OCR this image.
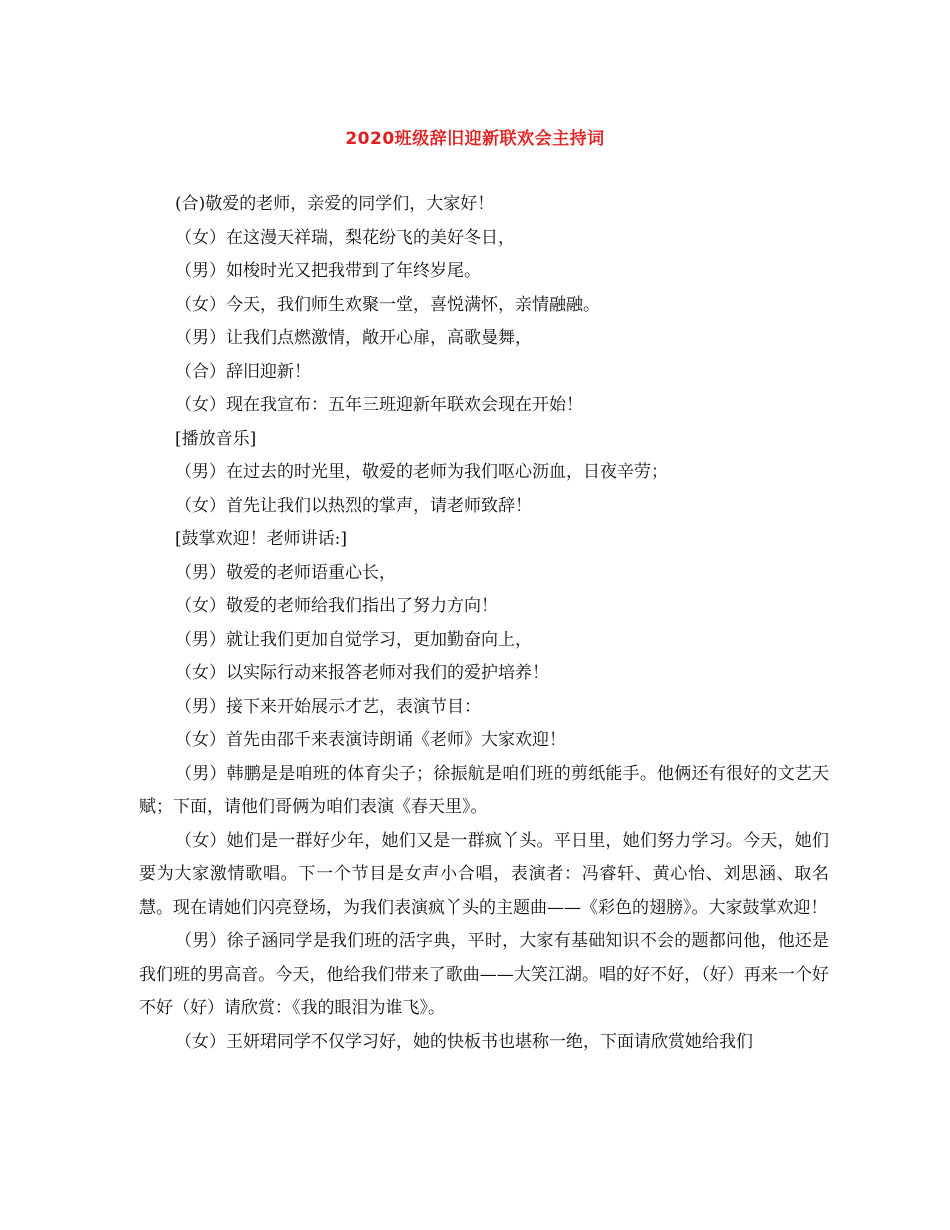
2020班级辞旧迎新联欢会主持词
(合)敬爱的老师，亲爱的同学们，大家好！
（女）在这漫天祥瑞，梨花纷飞的美好冬日，
（男）如梭时光又把我带到了年终岁尾。
（女）今天，我们师生欢聚一堂，喜悦满怀，亲情融融。
（男）让我们点燃激情，敞开心扉，高歌曼舞，
（合）辞旧迎新！
（女）现在我宣布：五年三班迎新年联欢会现在开始！
[播放音乐]
（男）在过去的时光里，敬爱的老师为我们呕心沥血，日夜辛劳；
（女）首先让我们以热烈的掌声，请老师致辞！
[鼓掌欢迎！老师讲话:]
（男）敬爱的老师语重心长，
（女）敬爱的老师给我们指出了努力方向！
（男）就让我们更加自觉学习，更加勤奋向上，
（女）以实际行动来报答老师对我们的爱护培养！
（男）接下来开始展示才艺，表演节目：
（女）首先由邵千来表演诗朗诵《老师》大家欢迎！
（男）韩鹏是是咱班的体育尖子；徐振航是咱们班的剪纸能手。他俩还有很好的文艺天赋；下面，请他们哥俩为咱们表演《春天里》。
（女）她们是一群好少年，她们又是一群疯丫头。平日里，她们努力学习。今天，她们要为大家激情歌唱。下一个节目是女声小合唱，表演者：冯睿轩、黄心怡、刘思涵、取名慧。现在请她们闪亮登场，为我们表演疯丫头的主题曲——《彩色的翅膀》。大家鼓掌欢迎！
（男）徐子涵同学是我们班的活字典，平时，大家有基础知识不会的题都问他，他还是我们班的男高音。今天，他给我们带来了歌曲——大笑江湖。唱的好不好，（好）再来一个好不好（好）请欣赏：《我的眼泪为谁飞》。
（女）王妍珺同学不仅学习好，她的快板书也堪称一绝，下面请欣赏她给我们
